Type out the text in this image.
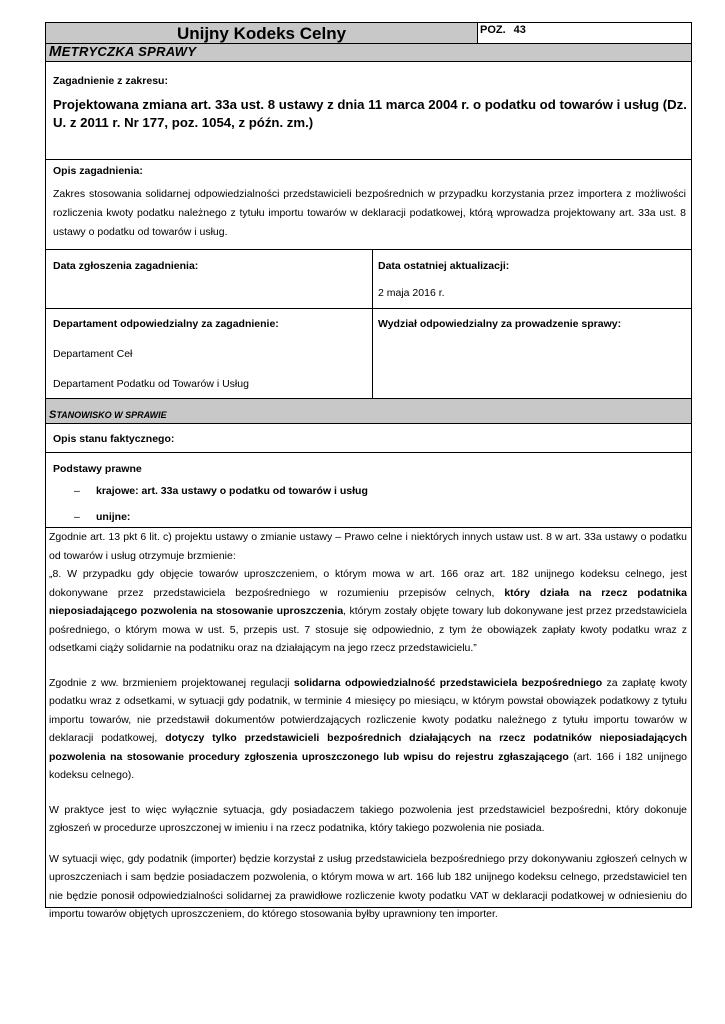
Unijny Kodeks Celny	POZ. 43
METRYCZKA SPRAWY
Zagadnienie z zakresu:
Projektowana zmiana art. 33a ust. 8 ustawy z dnia 11 marca 2004 r. o podatku od towarów i usług (Dz. U. z 2011 r. Nr 177, poz. 1054, z późn. zm.)
Opis zagadnienia:
Zakres stosowania solidarnej odpowiedzialności przedstawicieli bezpośrednich w przypadku korzystania przez importera z możliwości rozliczenia kwoty podatku należnego z tytułu importu towarów w deklaracji podatkowej, którą wprowadza projektowany art. 33a ust. 8 ustawy o podatku od towarów i usług.
Data zgłoszenia zagadnienia:	Data ostatniej aktualizacji:
2 maja 2016 r.
Departament odpowiedzialny za zagadnienie:
Departament Ceł
Departament Podatku od Towarów i Usług
Wydział odpowiedzialny za prowadzenie sprawy:
STANOWISKO W SPRAWIE
Opis stanu faktycznego:
Podstawy prawne
– krajowe: art. 33a ustawy o podatku od towarów i usług
– unijne:
Zgodnie art. 13 pkt 6 lit. c) projektu ustawy o zmianie ustawy – Prawo celne i niektórych innych ustaw ust. 8 w art. 33a ustawy o podatku od towarów i usług otrzymuje brzmienie:
„8. W przypadku gdy objęcie towarów uproszczeniem, o którym mowa w art. 166 oraz art. 182 unijnego kodeksu celnego, jest dokonywane przez przedstawiciela bezpośredniego w rozumieniu przepisów celnych, który działa na rzecz podatnika nieposiadającego pozwolenia na stosowanie uproszczenia, którym zostały objęte towary lub dokonywane jest przez przedstawiciela pośredniego, o którym mowa w ust. 5, przepis ust. 7 stosuje się odpowiednio, z tym że obowiązek zapłaty kwoty podatku wraz z odsetkami ciąży solidarnie na podatniku oraz na działającym na jego rzecz przedstawicielu.”
Zgodnie z ww. brzmieniem projektowanej regulacji solidarna odpowiedzialność przedstawiciela bezpośredniego za zapłatę kwoty podatku wraz z odsetkami, w sytuacji gdy podatnik, w terminie 4 miesięcy po miesiącu, w którym powstał obowiązek podatkowy z tytułu importu towarów, nie przedstawił dokumentów potwierdzających rozliczenie kwoty podatku należnego z tytułu importu towarów w deklaracji podatkowej, dotyczy tylko przedstawicieli bezpośrednich działających na rzecz podatników nieposiadających pozwolenia na stosowanie procedury zgłoszenia uproszczonego lub wpisu do rejestru zgłaszającego (art. 166 i 182 unijnego kodeksu celnego).
W praktyce jest to więc wyłącznie sytuacja, gdy posiadaczem takiego pozwolenia jest przedstawiciel bezpośredni, który dokonuje zgłoszeń w procedurze uproszczonej w imieniu i na rzecz podatnika, który takiego pozwolenia nie posiada.
W sytuacji więc, gdy podatnik (importer) będzie korzystał z usług przedstawiciela bezpośredniego przy dokonywaniu zgłoszeń celnych w uproszczeniach i sam będzie posiadaczem pozwolenia, o którym mowa w art. 166 lub 182 unijnego kodeksu celnego, przedstawiciel ten nie będzie ponosił odpowiedzialności solidarnej za prawidłowe rozliczenie kwoty podatku VAT w deklaracji podatkowej w odniesieniu do importu towarów objętych uproszczeniem, do którego stosowania byłby uprawniony ten importer.
